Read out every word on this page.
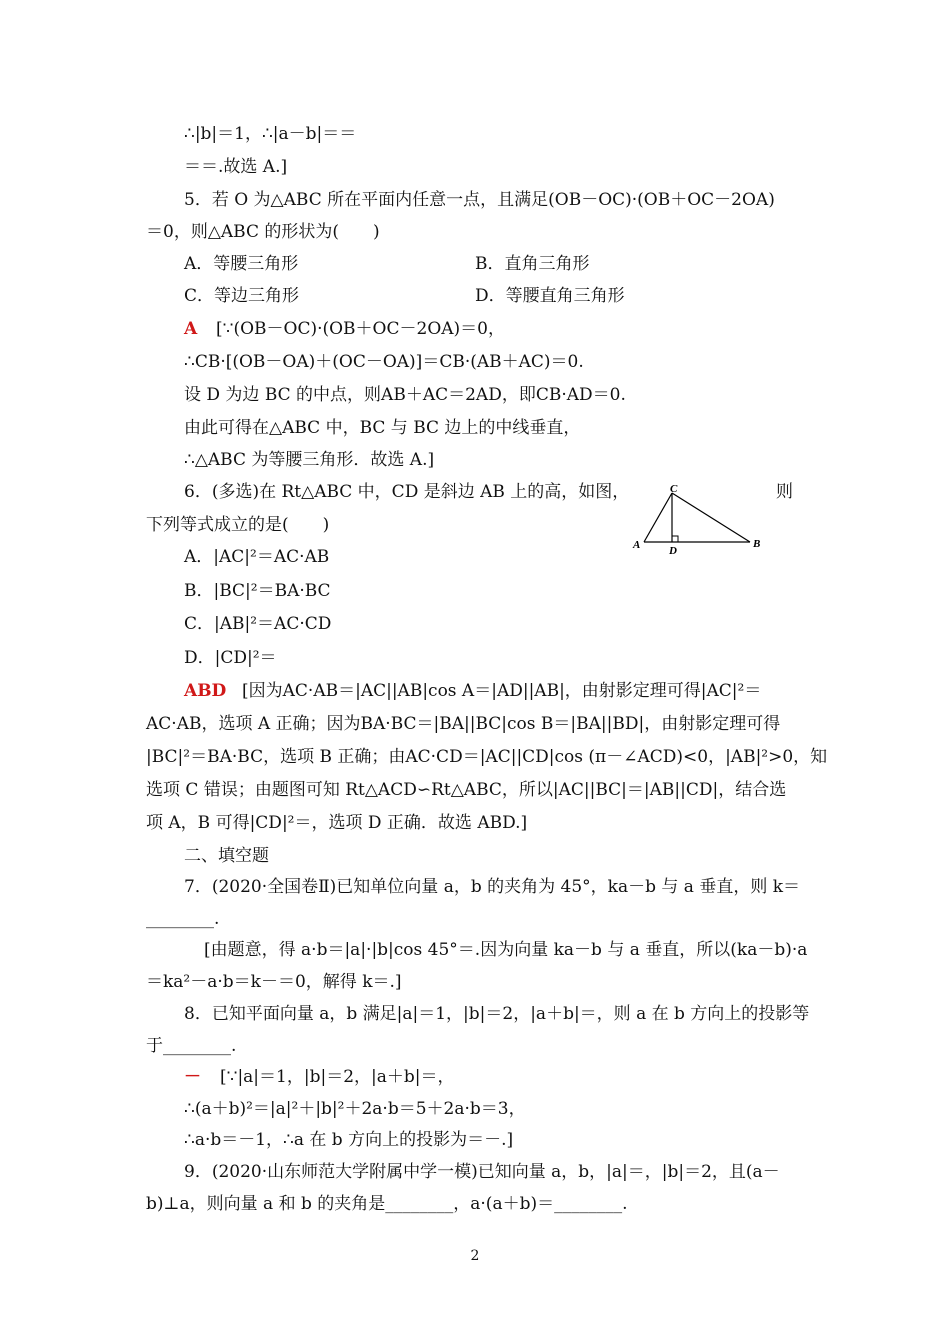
∴|b|＝1，∴|a－b|＝＝
＝＝.故选 A.]
5．若 O 为△ABC 所在平面内任意一点，且满足(OB－OC)·(OB＋OC－2OA)
＝0，则△ABC 的形状为(　　)
A．等腰三角形	B．直角三角形
C．等边三角形	D．等腰直角三角形
A [∵(OB－OC)·(OB＋OC－2OA)＝0，
∴CB·[(OB－OA)＋(OC－OA)]＝CB·(AB＋AC)＝0.
设 D 为边 BC 的中点，则AB＋AC＝2AD，即CB·AD＝0.
由此可得在△ABC 中，BC 与 BC 边上的中线垂直，
∴△ABC 为等腰三角形．故选 A.]
6．(多选)在 Rt△ABC 中，CD 是斜边 AB 上的高，如图，	C
A	D
B
则
下列等式成立的是(　　)
A．|AC|²＝AC·AB
B．|BC|²＝BA·BC
C．|AB|²＝AC·CD
D．|CD|²＝
ABD [因为AC·AB＝|AC||AB|cos A＝|AD||AB|，由射影定理可得|AC|²＝
AC·AB，选项 A 正确；因为BA·BC＝|BA||BC|cos B＝|BA||BD|，由射影定理可得
|BC|²＝BA·BC，选项 B 正确；由AC·CD＝|AC||CD|cos (π－∠ACD)<0，|AB|²>0，知
选项 C 错误；由题图可知 Rt△ACD∽Rt△ABC，所以|AC||BC|＝|AB||CD|，结合选
项 A，B 可得|CD|²＝，选项 D 正确．故选 ABD.]
二、填空题
7．(2020·全国卷Ⅱ)已知单位向量 a，b 的夹角为 45°，ka－b 与 a 垂直，则 k＝
________.
[由题意，得 a·b＝|a|·|b|cos 45°＝.因为向量 ka－b 与 a 垂直，所以(ka－b)·a
＝ka²－a·b＝k－＝0，解得 k＝.]
8．已知平面向量 a，b 满足|a|＝1，|b|＝2，|a＋b|＝，则 a 在 b 方向上的投影等
于________.
－ [∵|a|＝1，|b|＝2，|a＋b|＝，
∴(a＋b)²＝|a|²＋|b|²＋2a·b＝5＋2a·b＝3，
∴a·b＝－1，∴a 在 b 方向上的投影为＝－.]
9．(2020·山东师范大学附属中学一模)已知向量 a，b，|a|＝，|b|＝2，且(a－
b)⊥a，则向量 a 和 b 的夹角是________，a·(a＋b)＝________.
2
